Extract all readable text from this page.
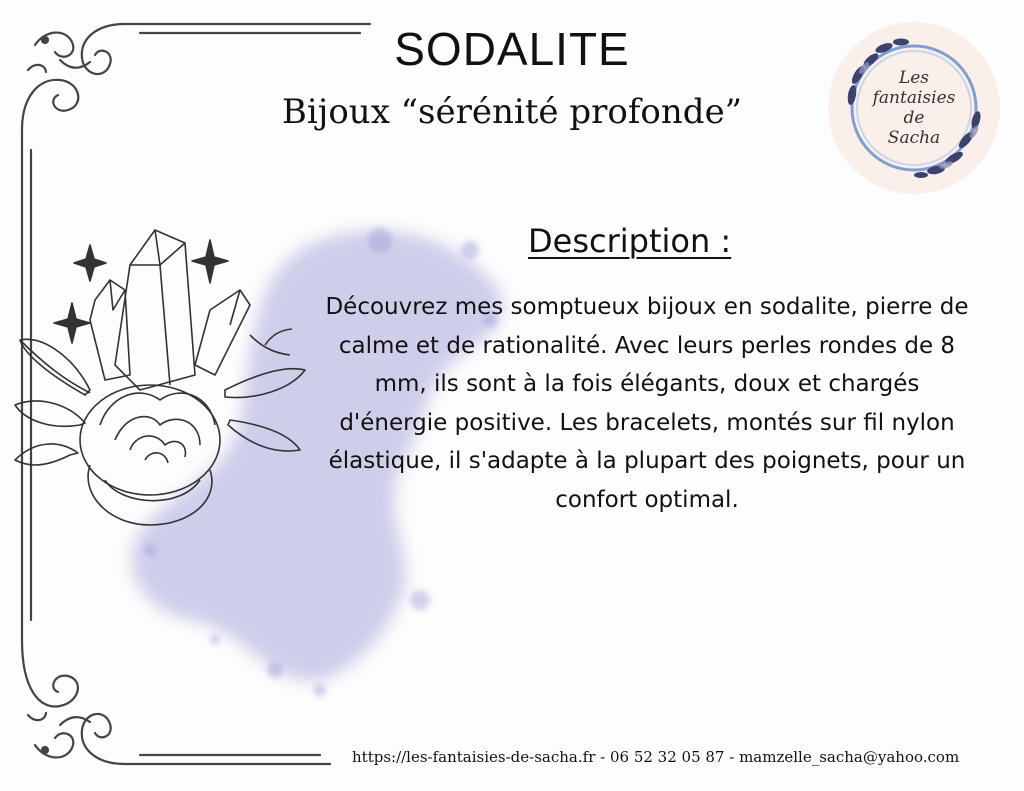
Les
fantaisies
de
Sacha
SODALITE
Bijoux “sérénité profonde”
Description :
Découvrez mes somptueux bijoux en sodalite, pierre de calme et de rationalité. Avec leurs perles rondes de 8 mm, ils sont à la fois élégants, doux et chargés d'énergie positive. Les bracelets, montés sur fil nylon élastique, il s'adapte à la plupart des poignets, pour un confort optimal.
https://les-fantaisies-de-sacha.fr - 06 52 32 05 87 - mamzelle_sacha@yahoo.com
